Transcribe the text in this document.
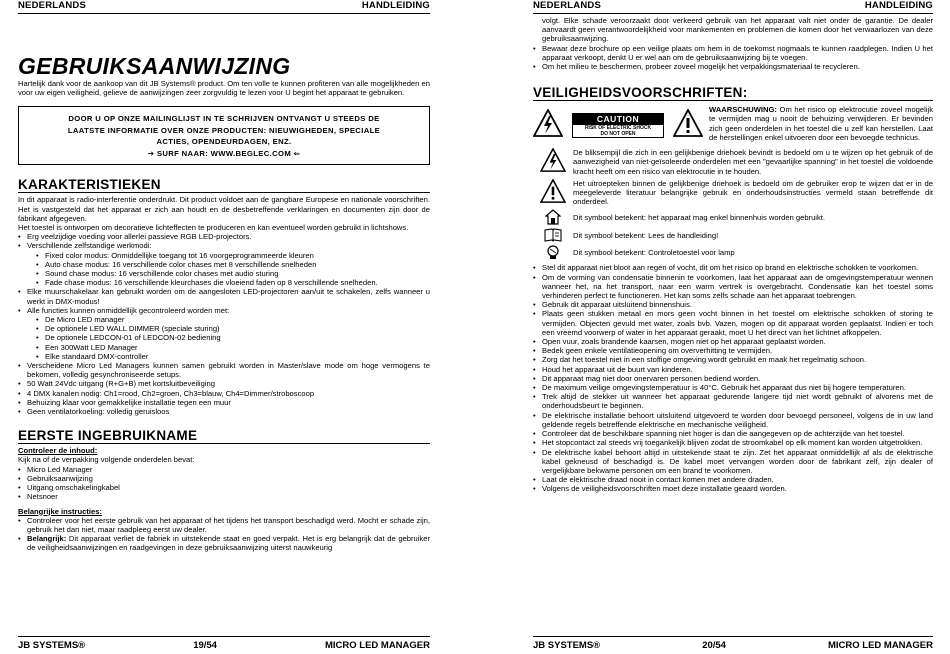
NEDERLANDS	HANDLEIDING
GEBRUIKSAANWIJZING

Hartelijk dank voor de aankoop van dit JB Systems® product. Om ten volle te kunnen profiteren van alle mogelijkheden en voor uw eigen veiligheid, gelieve de aanwijzingen zeer zorgvuldig te lezen voor U begint het apparaat te gebruiken.

DOOR U OP ONZE MAILINGLIJST IN TE SCHRIJVEN ONTVANGT U STEEDS DE
LAATSTE INFORMATIE OVER ONZE PRODUCTEN: NIEUWIGHEDEN, SPECIALE
ACTIES, OPENDEURDAGEN, ENZ.
➔ SURF NAAR: WWW.BEGLEC.COM ⇐
KARAKTERISTIEKEN

In dit apparaat is radio-interferentie onderdrukt. Dit product voldoet aan de gangbare Europese en nationale voorschriften. Het is vastgesteld dat het apparaat er zich aan houdt en de desbetreffende verklaringen en documenten zijn door de fabrikant afgegeven.

Het toestel is ontworpen om decoratieve lichteffecten te produceren en kan eventueel worden gebruikt in lichtshows.

• Erg veelzijdige voeding voor allerlei passieve RGB LED-projectors.
• Verschillende zelfstandige werkmodi:
• Fixed color modus: Onmiddellijke toegang tot 16 voorgeprogrammeerde kleuren
• Auto chase modus: 16 verschillende color chases met 8 verschillende snelheden
• Sound chase modus: 16 verschillende color chases met audio sturing
• Fade chase modus: 16 verschillende kleurchases die vloeiend faden op 8 verschillende snelheden.
• Elke muurschakelaar kan gebruikt worden om de aangesloten LED-projectoren aan/uit te schakelen, zelfs wanneer u werkt in DMX-modus!
• Alle functies kunnen onmiddellijk gecontroleerd worden met:
• De Micro LED manager
• De optionele LED WALL DIMMER (speciale sturing)
• De optionele LEDCON-01 of LEDCON-02 bediening
• Een 300Watt LED Manager
• Elke standaard DMX-controller
• Verscheidene Micro Led Managers kunnen samen gebruikt worden in Master/slave mode om hoge vermogens te bekomen, volledig gesynchroniseerde setups.
• 50 Watt 24Vdc uitgang (R+G+B) met kortsluitbeveiliging
• 4 DMX kanalen nodig: Ch1=rood, Ch2=groen, Ch3=blauw, Ch4=Dimmer/stroboscoop
• Behuizing klaar voor gemakkelijke installatie tegen een muur
• Geen ventilatorkoeling: volledig geruisloos
EERSTE INGEBRUIKNAME
Controleer de inhoud:

Kijk na of de verpakking volgende onderdelen bevat:

• Micro Led Manager
• Gebruiksaanwijzing
• Uitgang omschakelingkabel
• Netsnoer
Belangrijke instructies:
• Controleer voor het eerste gebruik van het apparaat of het tijdens het transport beschadigd werd. Mocht er schade zijn, gebruik het dan niet, maar raadpleeg eerst uw dealer.
• Belangrijk: Dit apparaat verliet de fabriek in uitstekende staat en goed verpakt. Het is erg belangrijk dat de gebruiker de veiligheidsaanwijzingen en raadgevingen in deze gebruiksaanwijzing uiterst nauwkeurig
JB SYSTEMS®	19/54	MICRO LED MANAGER
NEDERLANDS	HANDLEIDING

volgt. Elke schade veroorzaakt door verkeerd gebruik van het apparaat valt niet onder de garantie. De dealer aanvaardt geen verantwoordelijkheid voor mankementen en problemen die komen door het verwaarlozen van deze gebruiksaanwijzing.

• Bewaar deze brochure op een veilige plaats om hem in de toekomst nogmaals te kunnen raadplegen. Indien U het apparaat verkoopt, denkt U er wel aan om de gebruiksaanwijzing bij te voegen.
• Om het milieu te beschermen, probeer zoveel mogelijk het verpakkingsmateriaal te recycleren.
VEILIGHEIDSVOORSCHRIFTEN:
CAUTION
RISK OF ELECTRIC SHOCK
DO NOT OPEN
WAARSCHUWING: Om het risico op elektrocutie zoveel mogelijk te vermijden mag u nooit de behuizing verwijderen. Er bevinden zich geen onderdelen in het toestel die u zelf kan herstellen. Laat de herstellingen enkel uitvoeren door een bevoegde technicus.
De bliksempijl die zich in een gelijkbenige driehoek bevindt is bedoeld om u te wijzen op het gebruik of de aanwezigheid van niet-geïsoleerde onderdelen met een "gevaarlijke spanning" in het toestel die voldoende kracht heeft om een risico van elektrocutie in te houden.
Het uitroepteken binnen de gelijkbenige driehoek is bedoeld om de gebruiker erop te wijzen dat er in de meegeleverde literatuur belangrijke gebruik en onderhoudsinstructies vermeld staan betreffende dit onderdeel.
Dit symbool betekent: het apparaat mag enkel binnenhuis worden gebruikt.
Dit symbool betekent: Lees de handleiding!
Dit symbool betekent: Controletoestel voor lamp
• Stel dit apparaat niet bloot aan regen of vocht, dit om het risico op brand en elektrische schokken te voorkomen.
• Om de vorming van condensatie binnenin te voorkomen, laat het apparaat aan de omgevingstemperatuur wennen wanneer het, na het transport, naar een warm vertrek is overgebracht. Condensatie kan het toestel soms verhinderen perfect te functioneren. Het kan soms zelfs schade aan het apparaat toebrengen.
• Gebruik dit apparaat uitsluitend binnenshuis.
• Plaats geen stukken metaal en mors geen vocht binnen in het toestel om elektrische schokken of storing te vermijden. Objecten gevuld met water, zoals bvb. Vazen, mogen op dit apparaat worden geplaatst. Indien er toch een vreemd voorwerp of water in het apparaat geraakt, moet U het direct van het lichtnet afkoppelen.
• Open vuur, zoals brandende kaarsen, mogen niet op het apparaat geplaatst worden.
• Bedek geen enkele ventilatieopening om oververhitting te vermijden.
• Zorg dat het toestel niet in een stoffige omgeving wordt gebruikt en maak het regelmatig schoon.
• Houd het apparaat uit de buurt van kinderen.
• Dit apparaat mag niet door onervaren personen bediend worden.
• De maximum veilige omgevingstemperatuur is 40°C. Gebruik het apparaat dus niet bij hogere temperaturen.
• Trek altijd de stekker uit wanneer het apparaat gedurende langere tijd niet wordt gebruikt of alvorens met de onderhoudsbeurt te beginnen.
• De elektrische installatie behoort uitsluitend uitgevoerd te worden door bevoegd personeel, volgens de in uw land geldende regels betreffende elektrische en mechanische veiligheid.
• Controleer dat de beschikbare spanning niet hoger is dan die aangegeven op de achterzijde van het toestel.
• Het stopcontact zal steeds vrij toegankelijk blijven zodat de stroomkabel op elk moment kan worden uitgetrokken.
• De elektrische kabel behoort altijd in uitstekende staat te zijn. Zet het apparaat onmiddellijk af als de elektrische kabel gekneusd of beschadigd is. De kabel moet vervangen worden door de fabrikant zelf, zijn dealer of vergelijkbare bekwame personen om een brand te voorkomen.
• Laat de elektrische draad nooit in contact komen met andere draden.
• Volgens de veiligheidsvoorschriften moet deze installatie geaard worden.
JB SYSTEMS®	20/54	MICRO LED MANAGER
